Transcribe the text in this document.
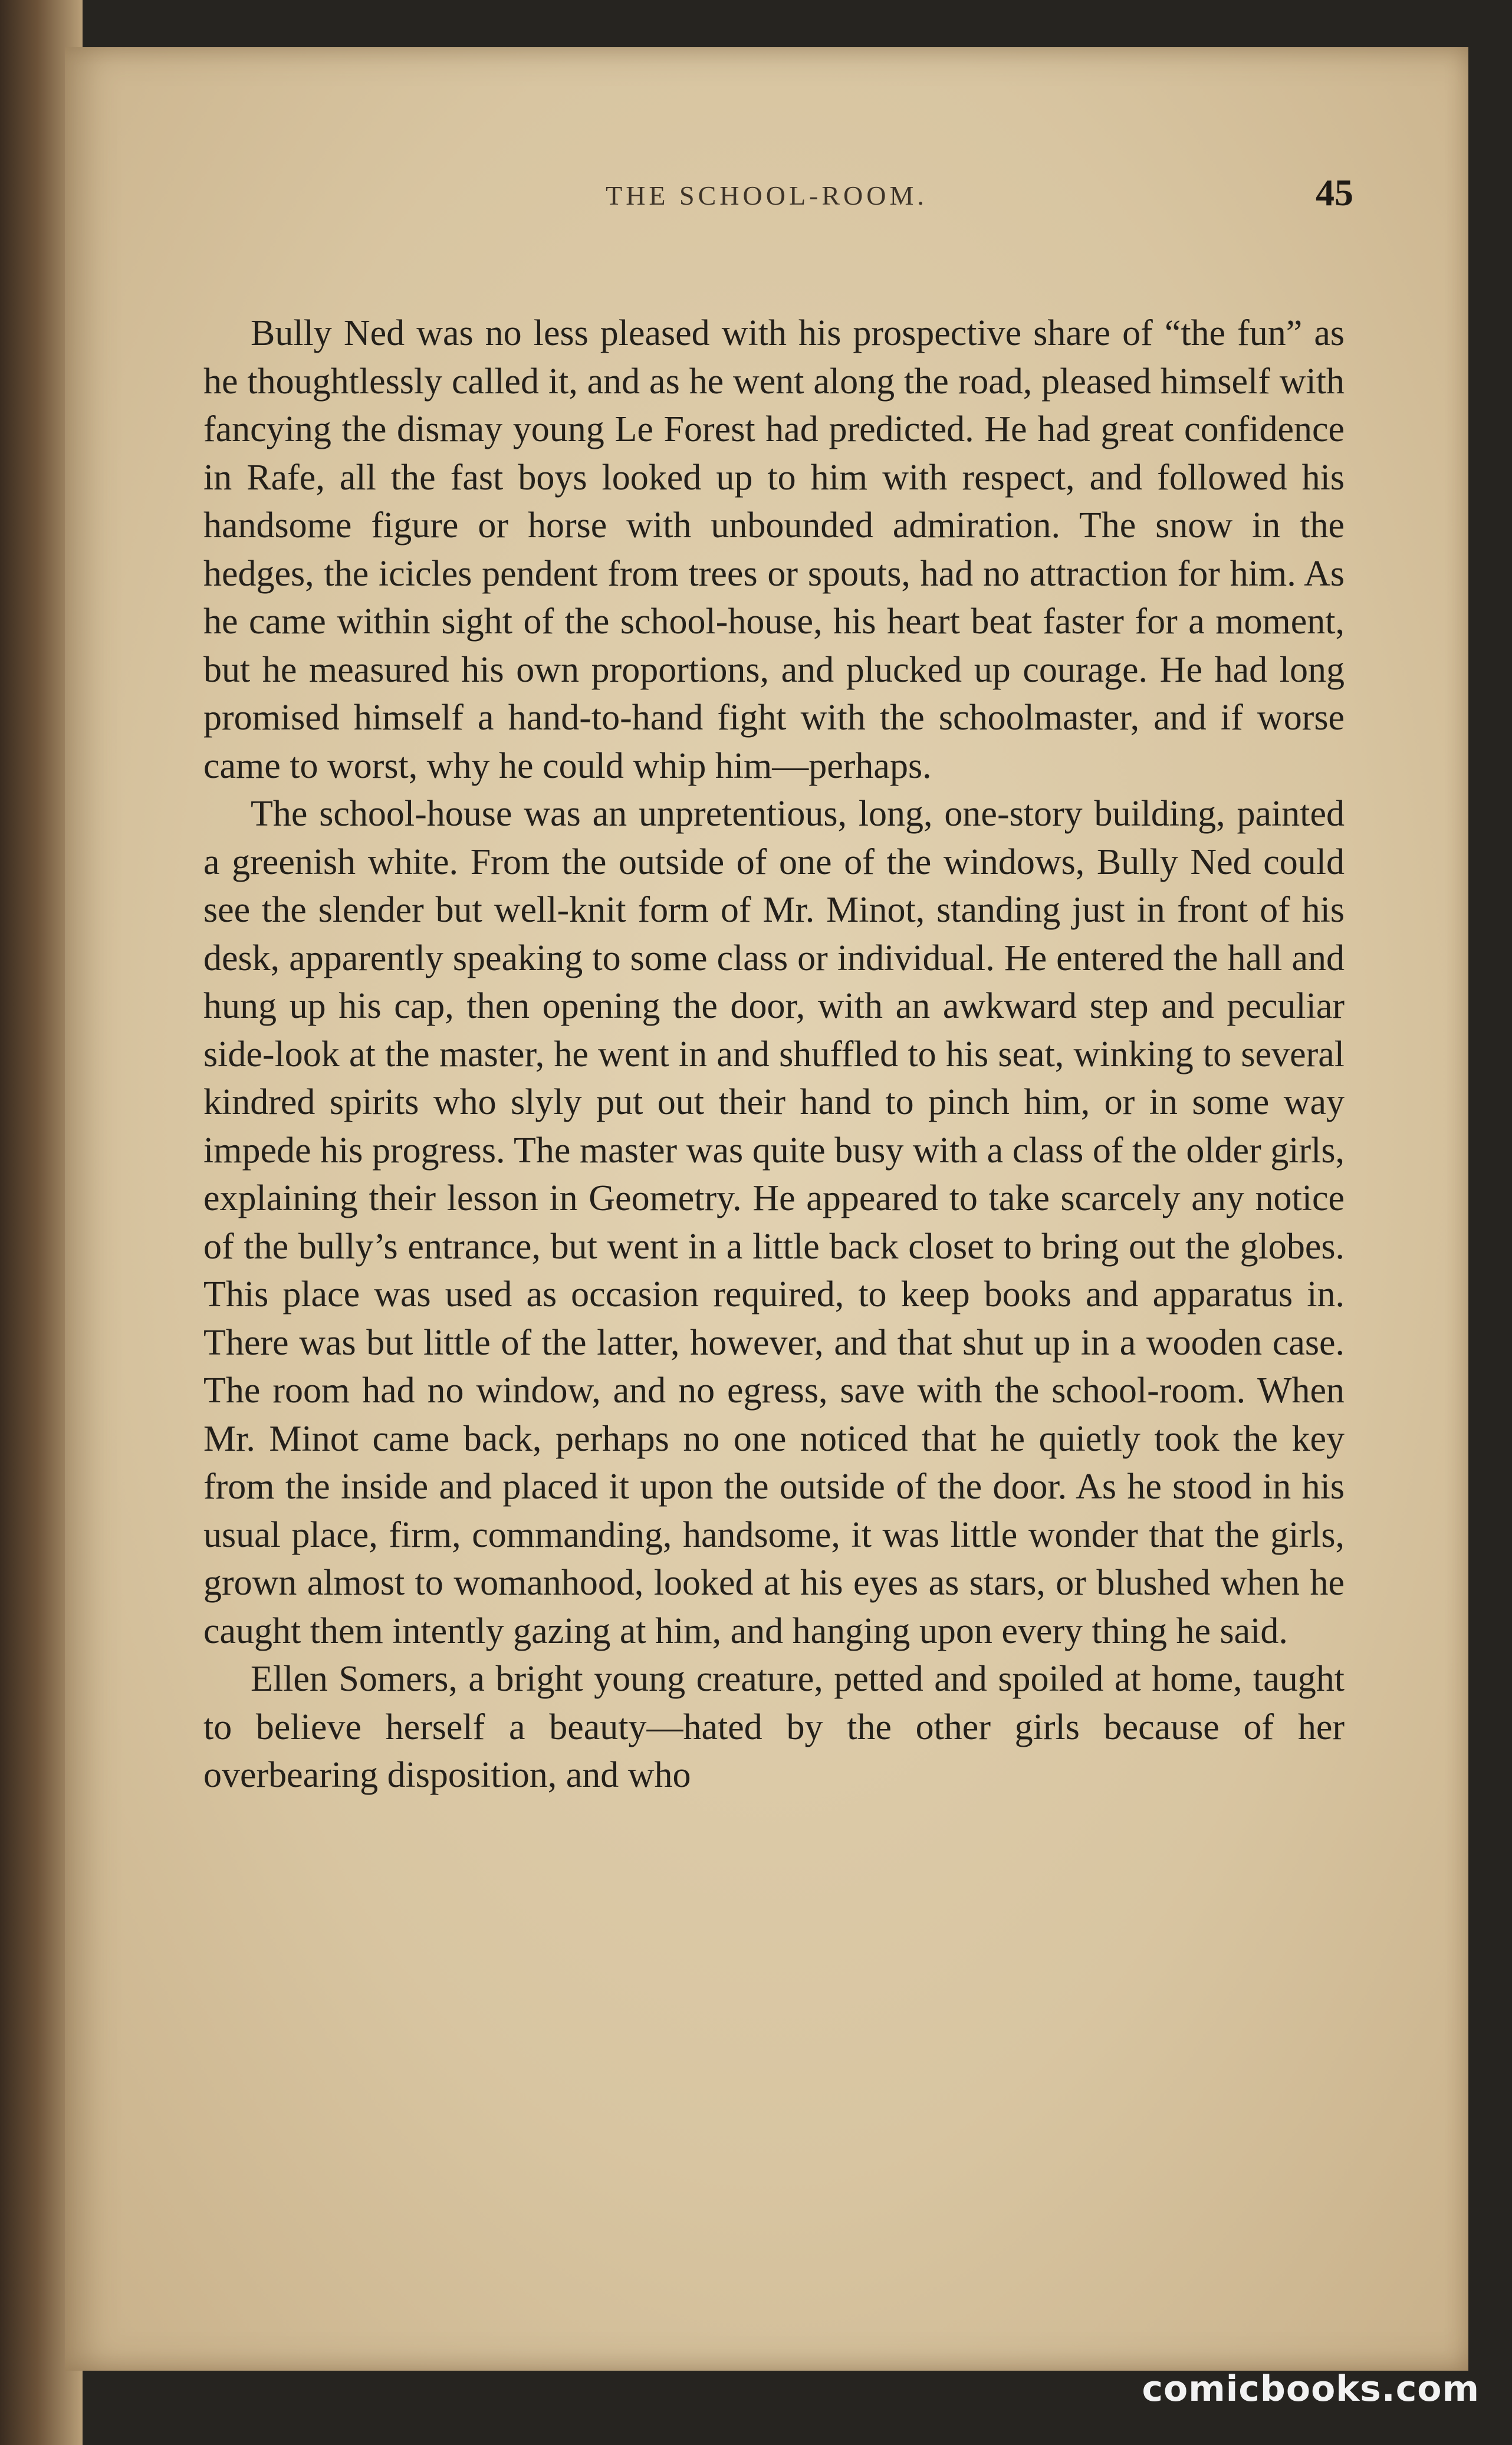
THE SCHOOL-ROOM.	45

Bully Ned was no less pleased with his prospective share of “the fun” as he thoughtlessly called it, and as he went along the road, pleased himself with fancying the dismay young Le Forest had predicted. He had great confidence in Rafe, all the fast boys looked up to him with respect, and followed his handsome figure or horse with unbounded admiration. The snow in the hedges, the icicles pendent from trees or spouts, had no attraction for him. As he came within sight of the school-house, his heart beat faster for a moment, but he measured his own proportions, and plucked up courage. He had long promised himself a hand-to-hand fight with the schoolmaster, and if worse came to worst, why he could whip him—perhaps.

The school-house was an unpretentious, long, one-story building, painted a greenish white. From the outside of one of the windows, Bully Ned could see the slender but well-knit form of Mr. Minot, standing just in front of his desk, apparently speaking to some class or individual. He entered the hall and hung up his cap, then opening the door, with an awkward step and peculiar side-look at the master, he went in and shuffled to his seat, winking to several kindred spirits who slyly put out their hand to pinch him, or in some way impede his progress. The master was quite busy with a class of the older girls, explaining their lesson in Geometry. He appeared to take scarcely any notice of the bully’s entrance, but went in a little back closet to bring out the globes. This place was used as occasion required, to keep books and apparatus in. There was but little of the latter, however, and that shut up in a wooden case. The room had no window, and no egress, save with the school-room. When Mr. Minot came back, perhaps no one noticed that he quietly took the key from the inside and placed it upon the outside of the door. As he stood in his usual place, firm, commanding, handsome, it was little wonder that the girls, grown almost to womanhood, looked at his eyes as stars, or blushed when he caught them intently gazing at him, and hanging upon every thing he said.

Ellen Somers, a bright young creature, petted and spoiled at home, taught to believe herself a beauty—hated by the other girls because of her overbearing disposition, and who

comicbooks.com
